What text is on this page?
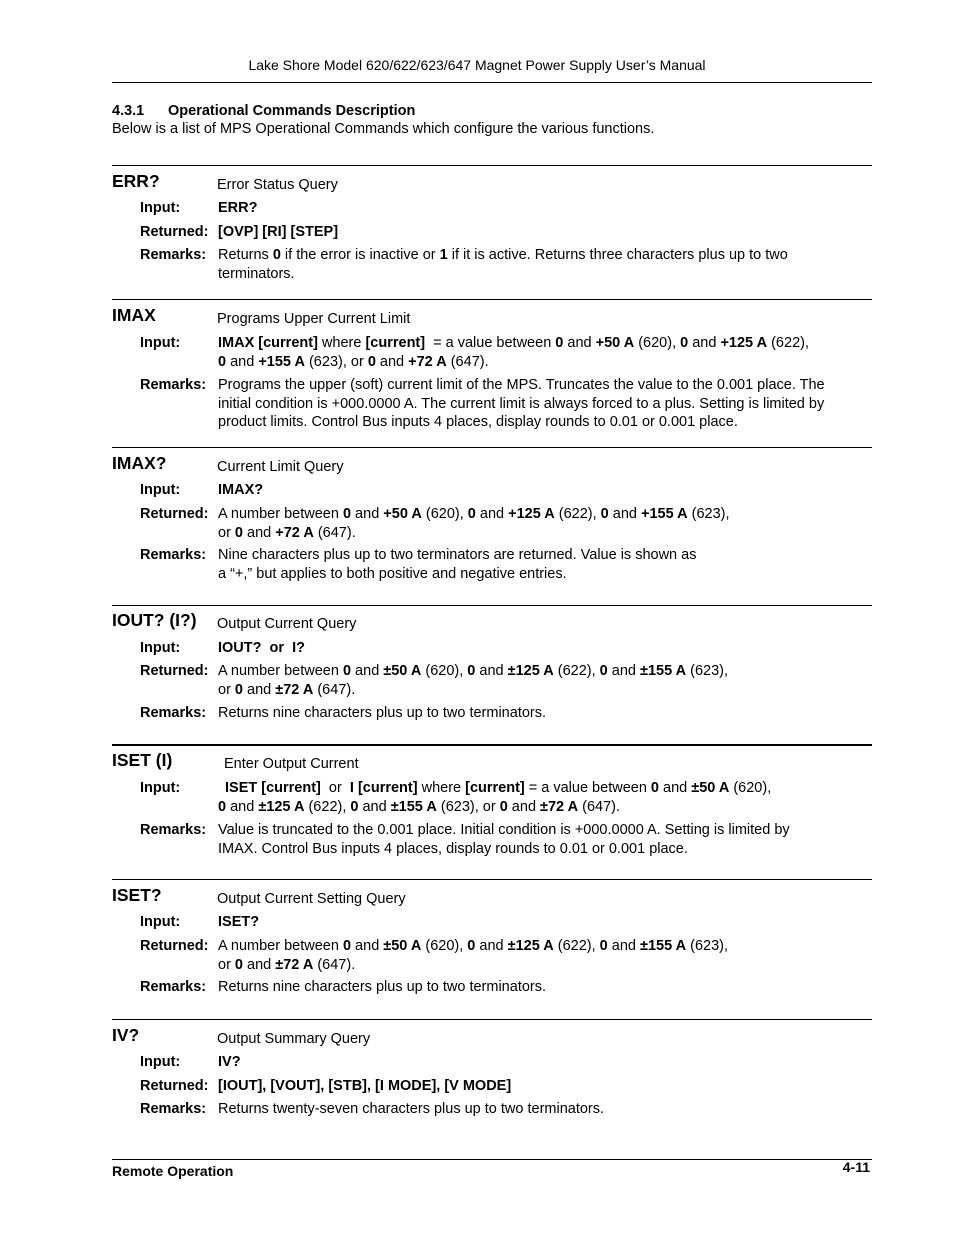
Lake Shore Model 620/622/623/647 Magnet Power Supply User’s Manual
4.3.1 Operational Commands Description
Below is a list of MPS Operational Commands which configure the various functions.
ERR?	Error Status Query
Input:	ERR?
Returned: [OVP] [RI] [STEP]
Remarks: Returns 0 if the error is inactive or 1 if it is active. Returns three characters plus up to two
terminators.
IMAX	Programs Upper Current Limit
Input:	IMAX [current] where [current]  = a value between 0 and +50 A (620), 0 and +125 A (622),
0 and +155 A (623), or 0 and +72 A (647).
Remarks: Programs the upper (soft) current limit of the MPS. Truncates the value to the 0.001 place. The
initial condition is +000.0000 A. The current limit is always forced to a plus. Setting is limited by
product limits. Control Bus inputs 4 places, display rounds to 0.01 or 0.001 place.
IMAX?	Current Limit Query
Input:	IMAX?
Returned: A number between 0 and +50 A (620), 0 and +125 A (622), 0 and +155 A (623),
or 0 and +72 A (647).
Remarks: Nine characters plus up to two terminators are returned. Value is shown as
a “+,” but applies to both positive and negative entries.
IOUT? (I?) Output Current Query
Input:	IOUT?  or  I?
Returned: A number between 0 and ±50 A (620), 0 and ±125 A (622), 0 and ±155 A (623),
or 0 and ±72 A (647).
Remarks: Returns nine characters plus up to two terminators.
ISET (I)	Enter Output Current
Input:	ISET [current]  or  I [current] where [current] = a value between 0 and ±50 A (620),
0 and ±125 A (622), 0 and ±155 A (623), or 0 and ±72 A (647).
Remarks: Value is truncated to the 0.001 place. Initial condition is +000.0000 A. Setting is limited by
IMAX. Control Bus inputs 4 places, display rounds to 0.01 or 0.001 place.
ISET?	Output Current Setting Query
Input:	ISET?
Returned: A number between 0 and ±50 A (620), 0 and ±125 A (622), 0 and ±155 A (623),
or 0 and ±72 A (647).
Remarks: Returns nine characters plus up to two terminators.
IV?	Output Summary Query
Input:	IV?
Returned: [IOUT], [VOUT], [STB], [I MODE], [V MODE]
Remarks: Returns twenty-seven characters plus up to two terminators.
Remote Operation	4-11
